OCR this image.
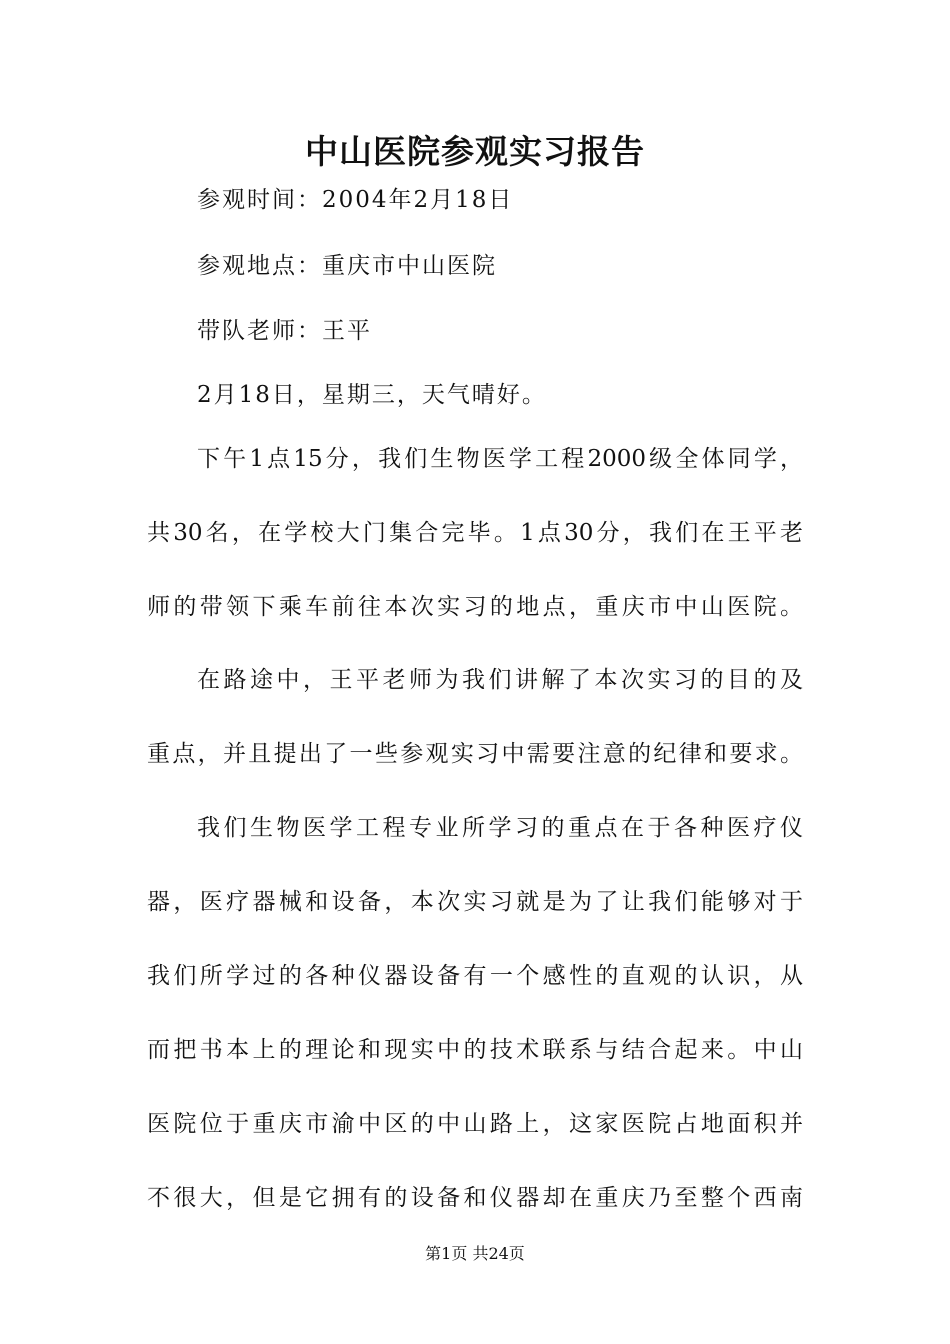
中山医院参观实习报告
参观时间：2004年2月18日
参观地点：重庆市中山医院
带队老师：王平
2月18日，星期三，天气晴好。
下午1点15分，我们生物医学工程2000级全体同学，
共30名，在学校大门集合完毕。1点30分，我们在王平老
师的带领下乘车前往本次实习的地点，重庆市中山医院。
在路途中，王平老师为我们讲解了本次实习的目的及
重点，并且提出了一些参观实习中需要注意的纪律和要求。
我们生物医学工程专业所学习的重点在于各种医疗仪
器，医疗器械和设备，本次实习就是为了让我们能够对于
我们所学过的各种仪器设备有一个感性的直观的认识，从
而把书本上的理论和现实中的技术联系与结合起来。中山
医院位于重庆市渝中区的中山路上，这家医院占地面积并
不很大，但是它拥有的设备和仪器却在重庆乃至整个西南
第1页 共24页
